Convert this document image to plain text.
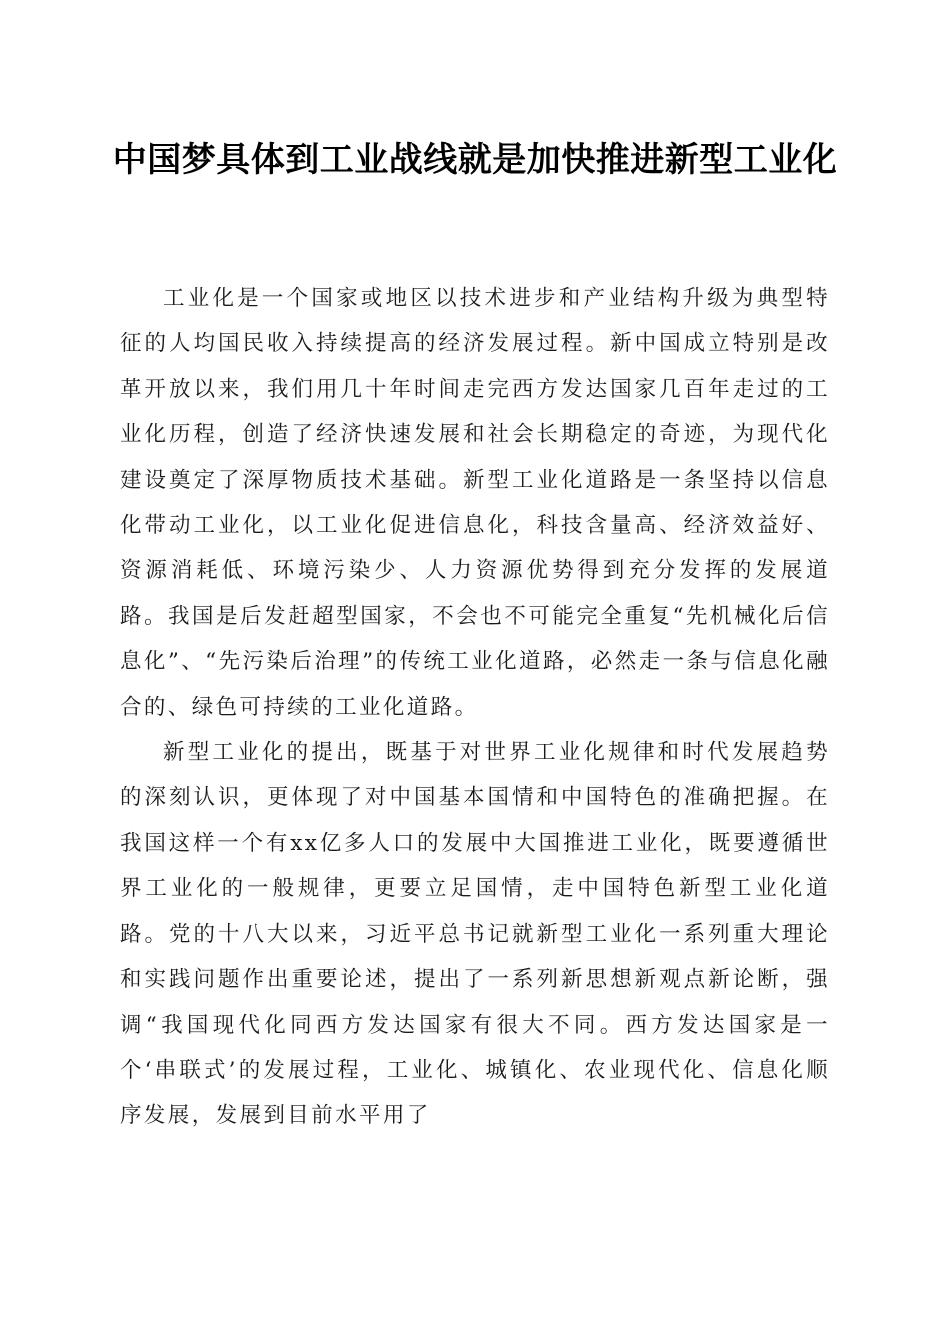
中国梦具体到工业战线就是加快推进新型工业化

工业化是一个国家或地区以技术进步和产业结构升级为典型特征的人均国民收入持续提高的经济发展过程。新中国成立特别是改革开放以来，我们用几十年时间走完西方发达国家几百年走过的工业化历程，创造了经济快速发展和社会长期稳定的奇迹，为现代化建设奠定了深厚物质技术基础。新型工业化道路是一条坚持以信息化带动工业化，以工业化促进信息化，科技含量高、经济效益好、资源消耗低、环境污染少、人力资源优势得到充分发挥的发展道路。我国是后发赶超型国家，不会也不可能完全重复“先机械化后信息化”、“先污染后治理”的传统工业化道路，必然走一条与信息化融合的、绿色可持续的工业化道路。

新型工业化的提出，既基于对世界工业化规律和时代发展趋势的深刻认识，更体现了对中国基本国情和中国特色的准确把握。在我国这样一个有xx亿多人口的发展中大国推进工业化，既要遵循世界工业化的一般规律，更要立足国情，走中国特色新型工业化道路。党的十八大以来，习近平总书记就新型工业化一系列重大理论和实践问题作出重要论述，提出了一系列新思想新观点新论断，强调“我国现代化同西方发达国家有很大不同。西方发达国家是一个‘串联式’的发展过程，工业化、城镇化、农业现代化、信息化顺序发展，发展到目前水平用了
